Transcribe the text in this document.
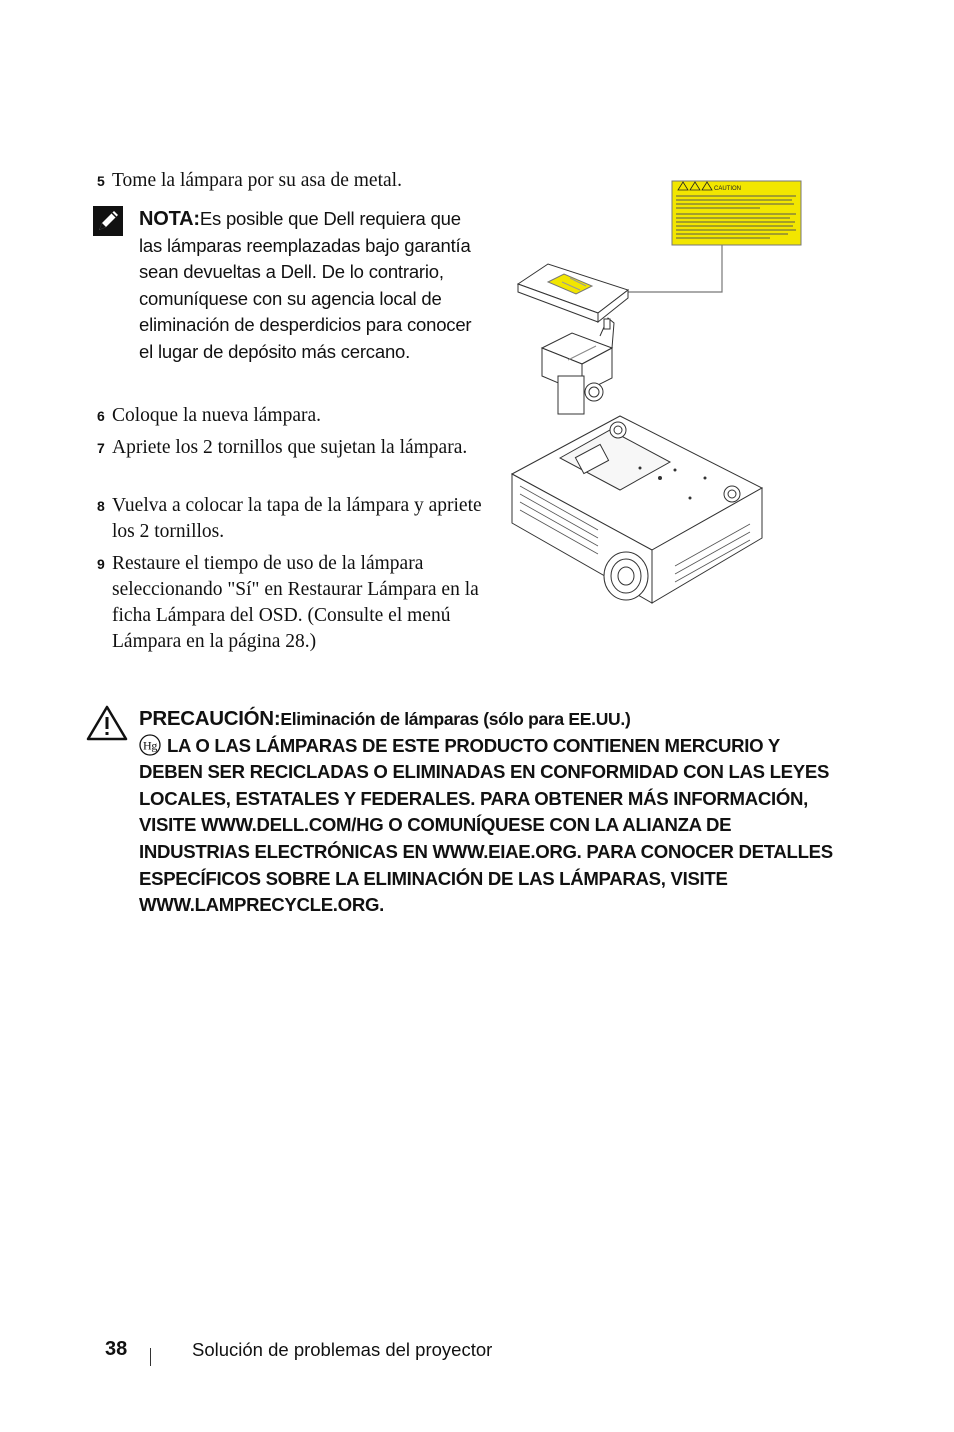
5 Tome la lámpara por su asa de metal.
NOTA:Es posible que Dell requiera que las lámparas reemplazadas bajo garantía sean devueltas a Dell. De lo contrario, comuníquese con su agencia local de eliminación de desperdicios para conocer el lugar de depósito más cercano.
6 Coloque la nueva lámpara.
7 Apriete los 2 tornillos que sujetan la lámpara.
8 Vuelva a colocar la tapa de la lámpara y apriete los 2 tornillos.
9 Restaure el tiempo de uso de la lámpara seleccionando "Sí" en Restaurar Lámpara en la ficha Lámpara del OSD. (Consulte el menú Lámpara en la página 28.)
CAUTION
PRECAUCIÓN:Eliminación de lámparas (sólo para EE.UU.)

Hg LA O LAS LÁMPARAS DE ESTE PRODUCTO CONTIENEN MERCURIO Y DEBEN SER RECICLADAS O ELIMINADAS EN CONFORMIDAD CON LAS LEYES LOCALES, ESTATALES Y FEDERALES. PARA OBTENER MÁS INFORMACIÓN, VISITE WWW.DELL.COM/HG O COMUNÍQUESE CON LA ALIANZA DE INDUSTRIAS ELECTRÓNICAS EN WWW.EIAE.ORG. PARA CONOCER DETALLES ESPECÍFICOS SOBRE LA ELIMINACIÓN DE LAS LÁMPARAS, VISITE WWW.LAMPRECYCLE.ORG.
38	Solución de problemas del proyector
